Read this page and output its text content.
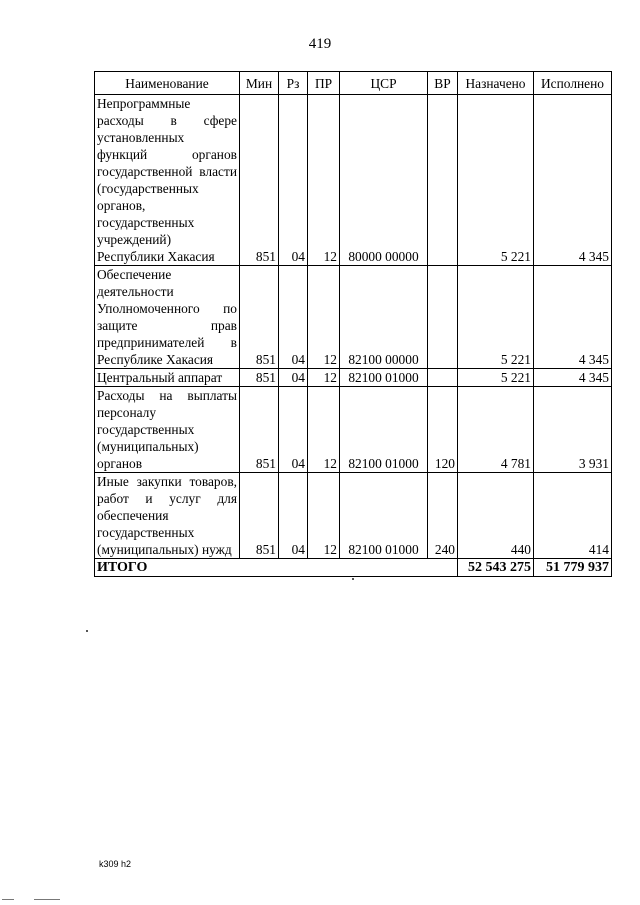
419
Наименование	Мин	Рз	ПР	ЦСР	ВР	Назначено	Исполнено
Непрограммные расходы в сфере установленных функций органов государственной власти (государственных органов, государственных учреждений) Республики Хакасия	851	04	12	80000 00000		5 221	4 345
Обеспечение деятельности Уполномоченного по защите прав предпринимателей в Республике Хакасия	851	04	12	82100 00000		5 221	4 345
Центральный аппарат	851	04	12	82100 01000		5 221	4 345
Расходы на выплаты персоналу государственных (муниципальных) органов	851	04	12	82100 01000	120	4 781	3 931
Иные закупки товаров, работ и услуг для обеспечения государственных (муниципальных) нужд	851	04	12	82100 01000	240	440	414
ИТОГО						52 543 275	51 779 937
k309 h2
